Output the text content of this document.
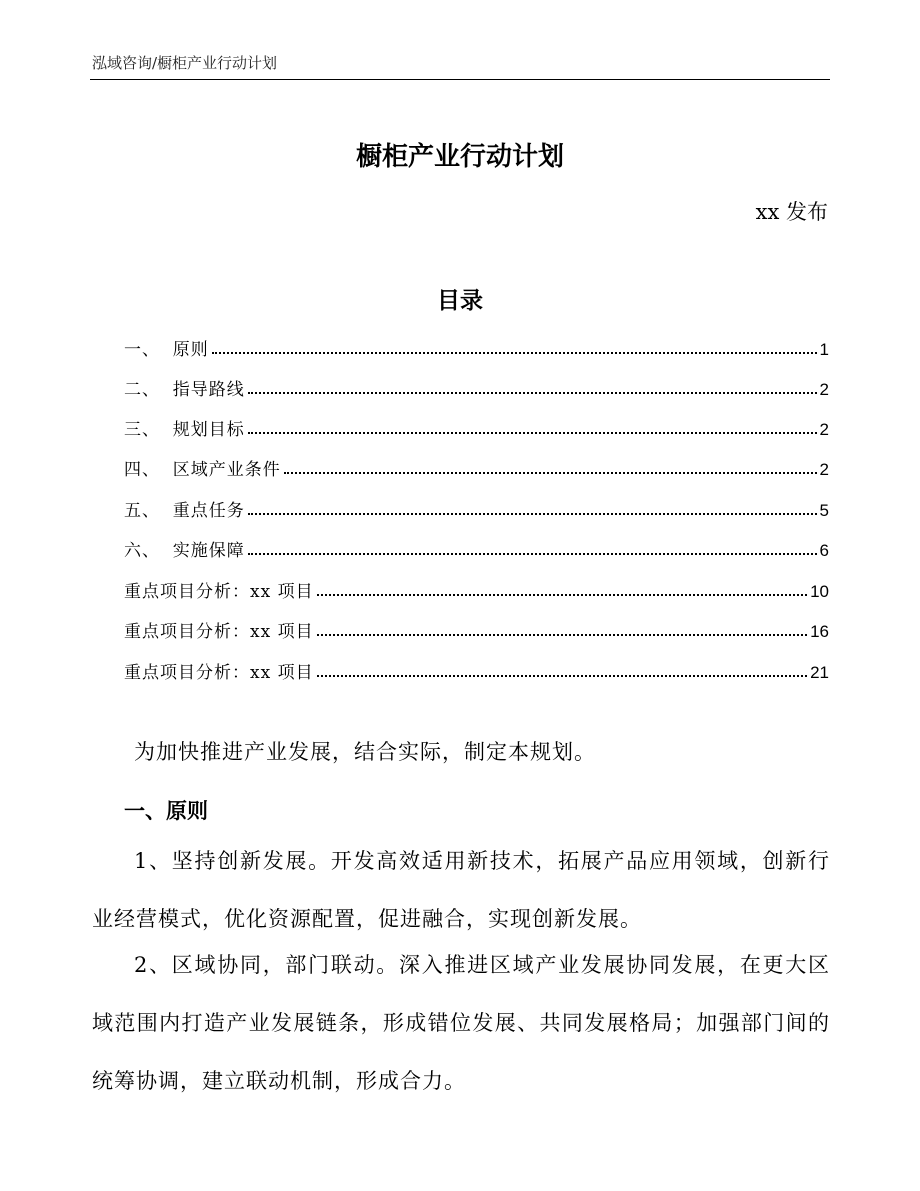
泓域咨询/橱柜产业行动计划
橱柜产业行动计划
xx 发布
目录
一、  原则	1
二、  指导路线	2
三、  规划目标	2
四、  区域产业条件	2
五、  重点任务	5
六、  实施保障	6
重点项目分析：xx 项目	10
重点项目分析：xx 项目	16
重点项目分析：xx 项目	21
为加快推进产业发展，结合实际，制定本规划。
一、原则
1、坚持创新发展。开发高效适用新技术，拓展产品应用领域，创新行业经营模式，优化资源配置，促进融合，实现创新发展。
2、区域协同，部门联动。深入推进区域产业发展协同发展，在更大区域范围内打造产业发展链条，形成错位发展、共同发展格局；加强部门间的统筹协调，建立联动机制，形成合力。
